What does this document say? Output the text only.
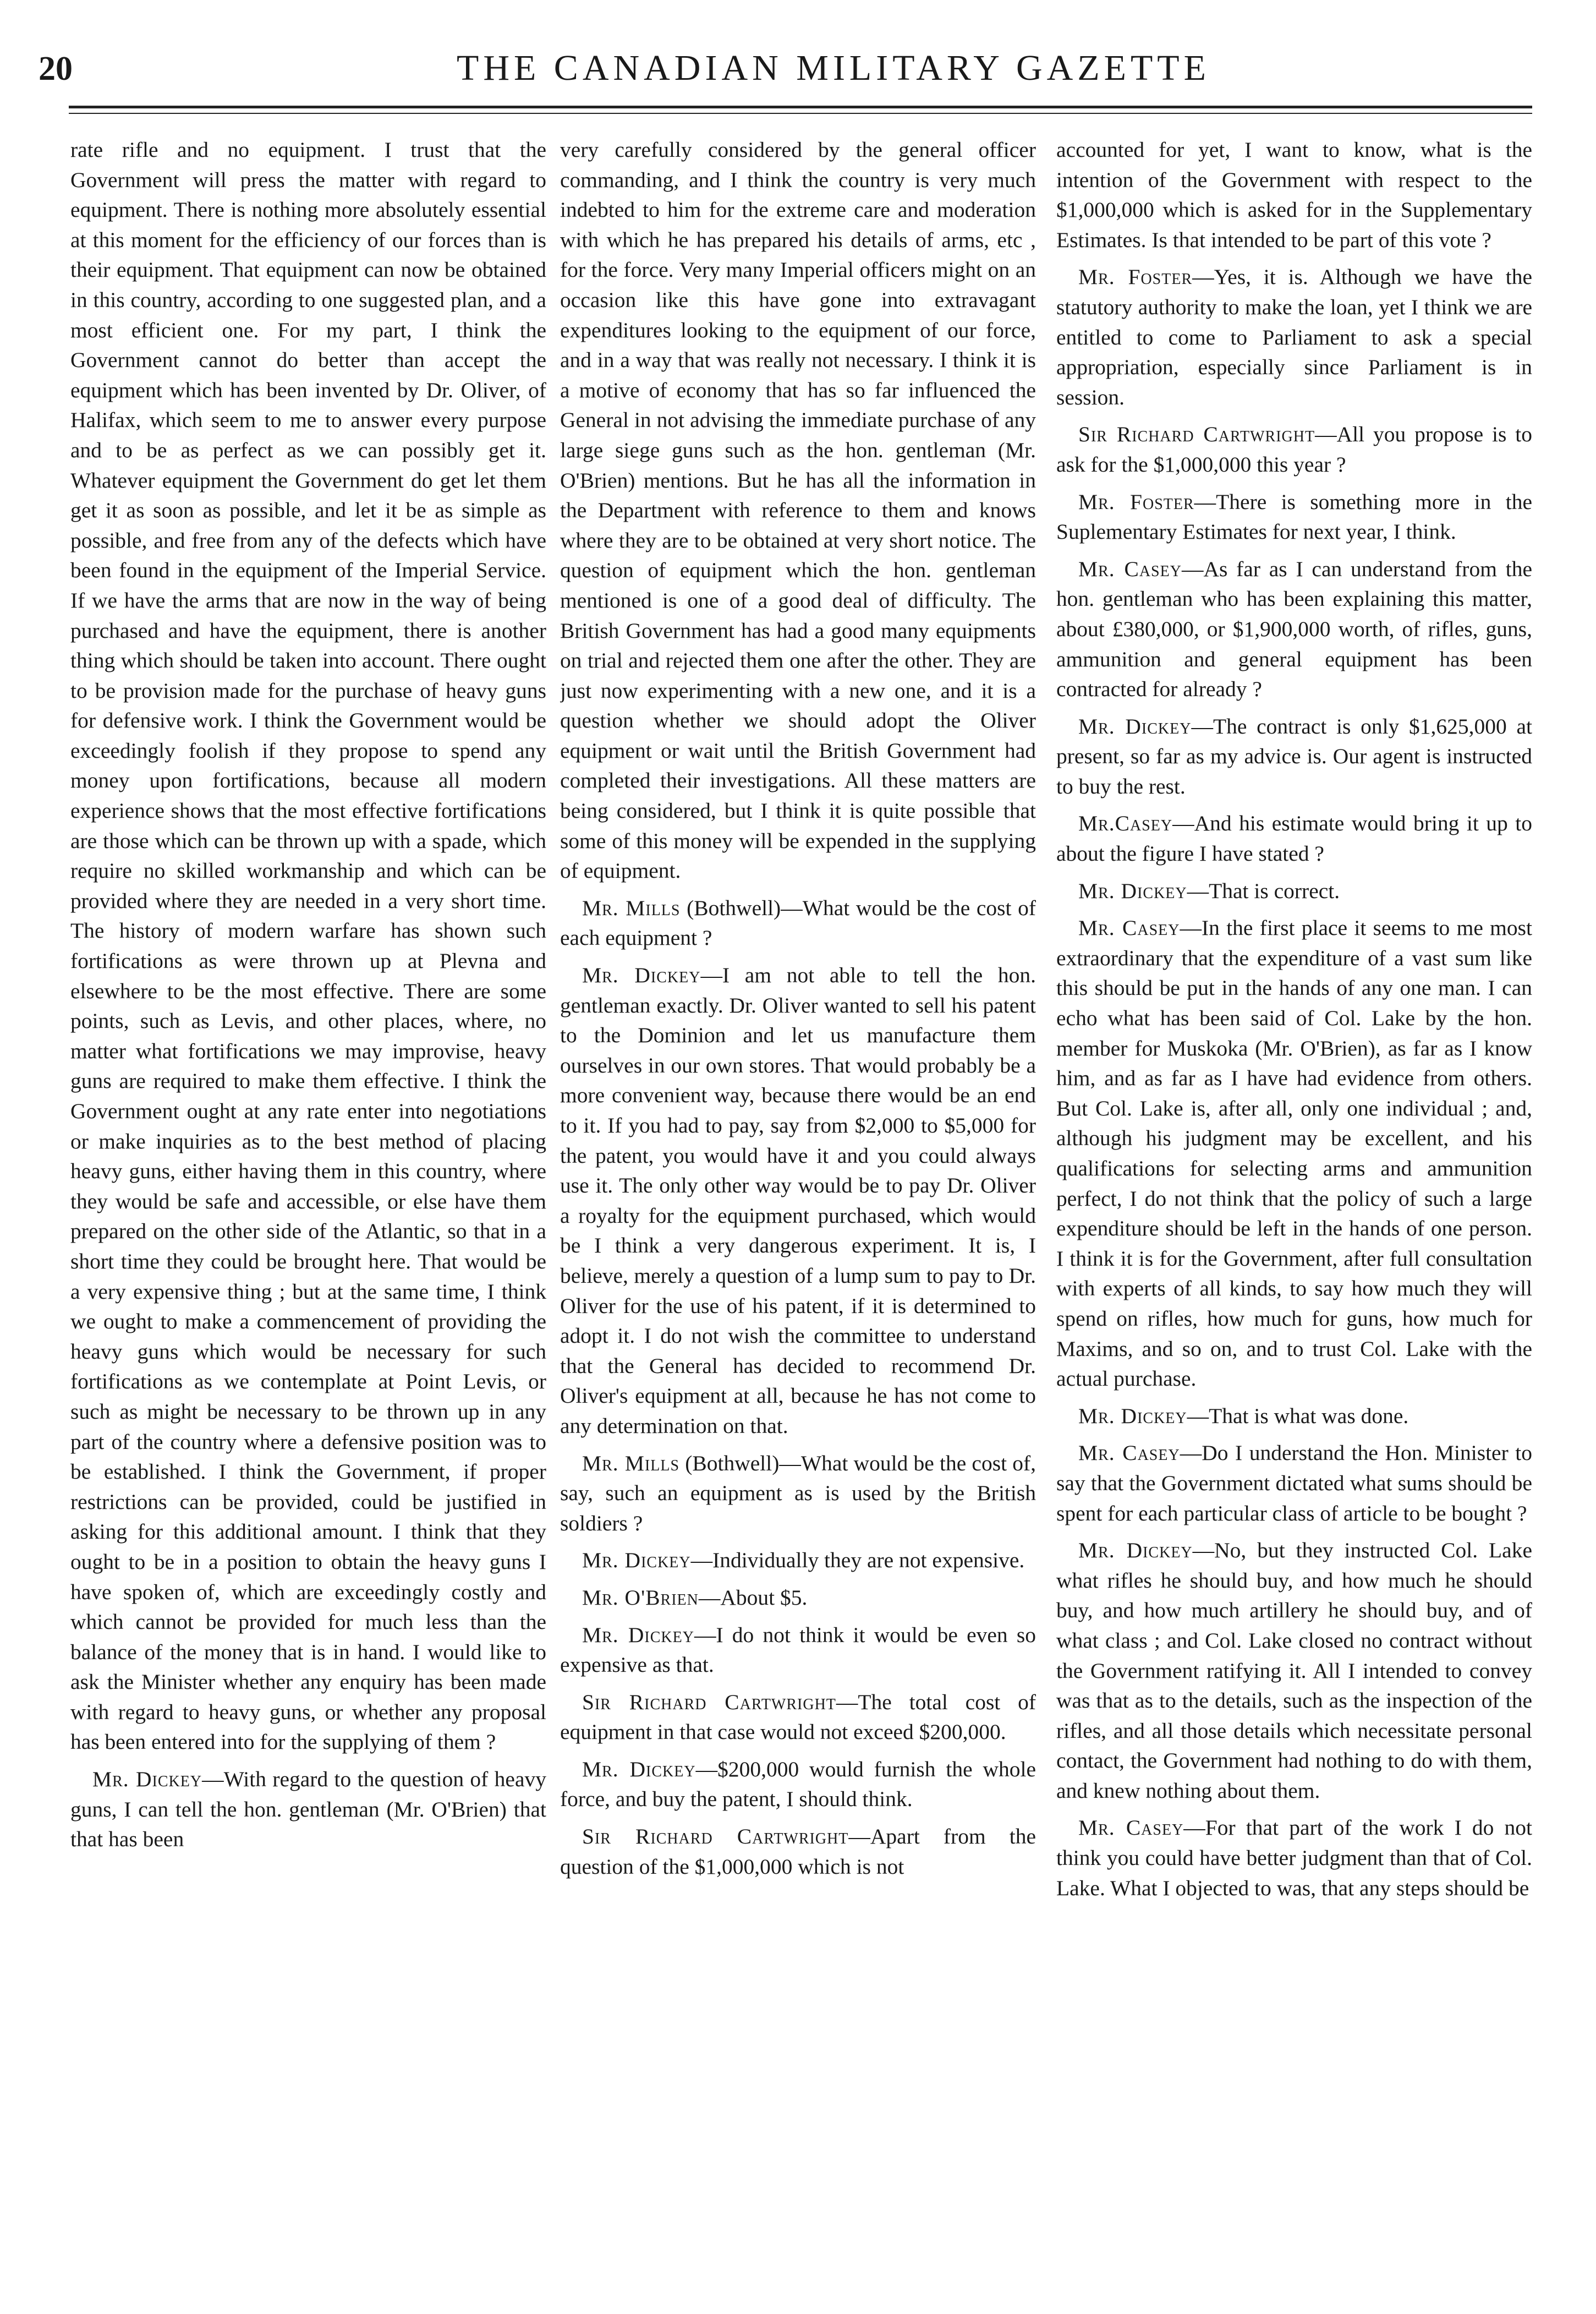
20	THE CANADIAN MILITARY GAZETTE

rate rifle and no equipment. I trust that the Government will press the matter with regard to equipment. There is nothing more absolutely essential at this moment for the efficiency of our forces than is their equipment. That equipment can now be obtained in this country, according to one suggested plan, and a most efficient one. For my part, I think the Government cannot do better than accept the equipment which has been invented by Dr. Oliver, of Halifax, which seem to me to answer every purpose and to be as perfect as we can possibly get it. Whatever equipment the Government do get let them get it as soon as possible, and let it be as simple as possible, and free from any of the defects which have been found in the equipment of the Imperial Service. If we have the arms that are now in the way of being purchased and have the equipment, there is another thing which should be taken into account. There ought to be provision made for the purchase of heavy guns for defensive work. I think the Government would be exceedingly foolish if they propose to spend any money upon fortifications, because all modern experience shows that the most effective fortifications are those which can be thrown up with a spade, which require no skilled workmanship and which can be provided where they are needed in a very short time. The history of modern warfare has shown such fortifications as were thrown up at Plevna and elsewhere to be the most effective. There are some points, such as Levis, and other places, where, no matter what fortifications we may improvise, heavy guns are required to make them effective. I think the Government ought at any rate enter into negotiations or make inquiries as to the best method of placing heavy guns, either having them in this country, where they would be safe and accessible, or else have them prepared on the other side of the Atlantic, so that in a short time they could be brought here. That would be a very expensive thing ; but at the same time, I think we ought to make a commencement of providing the heavy guns which would be necessary for such fortifications as we contemplate at Point Levis, or such as might be necessary to be thrown up in any part of the country where a defensive position was to be established. I think the Government, if proper restrictions can be provided, could be justified in asking for this additional amount. I think that they ought to be in a position to obtain the heavy guns I have spoken of, which are exceedingly costly and which cannot be provided for much less than the balance of the money that is in hand. I would like to ask the Minister whether any enquiry has been made with regard to heavy guns, or whether any proposal has been entered into for the supplying of them ?

Mr. Dickey—With regard to the question of heavy guns, I can tell the hon. gentleman (Mr. O'Brien) that that has been

very carefully considered by the general officer commanding, and I think the country is very much indebted to him for the extreme care and moderation with which he has prepared his details of arms, etc , for the force. Very many Imperial officers might on an occasion like this have gone into extravagant expenditures looking to the equipment of our force, and in a way that was really not necessary. I think it is a motive of economy that has so far influenced the General in not advising the immediate purchase of any large siege guns such as the hon. gentleman (Mr. O'Brien) mentions. But he has all the information in the Department with reference to them and knows where they are to be obtained at very short notice. The question of equipment which the hon. gentleman mentioned is one of a good deal of difficulty. The British Government has had a good many equipments on trial and rejected them one after the other. They are just now experimenting with a new one, and it is a question whether we should adopt the Oliver equipment or wait until the British Government had completed their investigations. All these matters are being considered, but I think it is quite possible that some of this money will be expended in the supplying of equipment.

Mr. Mills (Bothwell)—What would be the cost of each equipment ?

Mr. Dickey—I am not able to tell the hon. gentleman exactly. Dr. Oliver wanted to sell his patent to the Dominion and let us manufacture them ourselves in our own stores. That would probably be a more convenient way, because there would be an end to it. If you had to pay, say from $2,000 to $5,000 for the patent, you would have it and you could always use it. The only other way would be to pay Dr. Oliver a royalty for the equipment purchased, which would be I think a very dangerous experiment. It is, I believe, merely a question of a lump sum to pay to Dr. Oliver for the use of his patent, if it is determined to adopt it. I do not wish the committee to understand that the General has decided to recommend Dr. Oliver's equipment at all, because he has not come to any determination on that.

Mr. Mills (Bothwell)—What would be the cost of, say, such an equipment as is used by the British soldiers ?

Mr. Dickey—Individually they are not expensive.

Mr. O'Brien—About $5.

Mr. Dickey—I do not think it would be even so expensive as that.

Sir Richard Cartwright—The total cost of equipment in that case would not exceed $200,000.

Mr. Dickey—$200,000 would furnish the whole force, and buy the patent, I should think.

Sir Richard Cartwright—Apart from the question of the $1,000,000 which is not

accounted for yet, I want to know, what is the intention of the Government with respect to the $1,000,000 which is asked for in the Supplementary Estimates. Is that intended to be part of this vote ?

Mr. Foster—Yes, it is. Although we have the statutory authority to make the loan, yet I think we are entitled to come to Parliament to ask a special appropriation, especially since Parliament is in session.

Sir Richard Cartwright—All you propose is to ask for the $1,000,000 this year ?

Mr. Foster—There is something more in the Suplementary Estimates for next year, I think.

Mr. Casey—As far as I can understand from the hon. gentleman who has been explaining this matter, about £380,000, or $1,900,000 worth, of rifles, guns, ammunition and general equipment has been contracted for already ?

Mr. Dickey—The contract is only $1,625,000 at present, so far as my advice is. Our agent is instructed to buy the rest.

Mr.Casey—And his estimate would bring it up to about the figure I have stated ?

Mr. Dickey—That is correct.

Mr. Casey—In the first place it seems to me most extraordinary that the expenditure of a vast sum like this should be put in the hands of any one man. I can echo what has been said of Col. Lake by the hon. member for Muskoka (Mr. O'Brien), as far as I know him, and as far as I have had evidence from others. But Col. Lake is, after all, only one individual ; and, although his judgment may be excellent, and his qualifications for selecting arms and ammunition perfect, I do not think that the policy of such a large expenditure should be left in the hands of one person. I think it is for the Government, after full consultation with experts of all kinds, to say how much they will spend on rifles, how much for guns, how much for Maxims, and so on, and to trust Col. Lake with the actual purchase.

Mr. Dickey—That is what was done.

Mr. Casey—Do I understand the Hon. Minister to say that the Government dictated what sums should be spent for each particular class of article to be bought ?

Mr. Dickey—No, but they instructed Col. Lake what rifles he should buy, and how much he should buy, and how much artillery he should buy, and of what class ; and Col. Lake closed no contract without the Government ratifying it. All I intended to convey was that as to the details, such as the inspection of the rifles, and all those details which necessitate personal contact, the Government had nothing to do with them, and knew nothing about them.

Mr. Casey—For that part of the work I do not think you could have better judgment than that of Col. Lake. What I objected to was, that any steps should be
